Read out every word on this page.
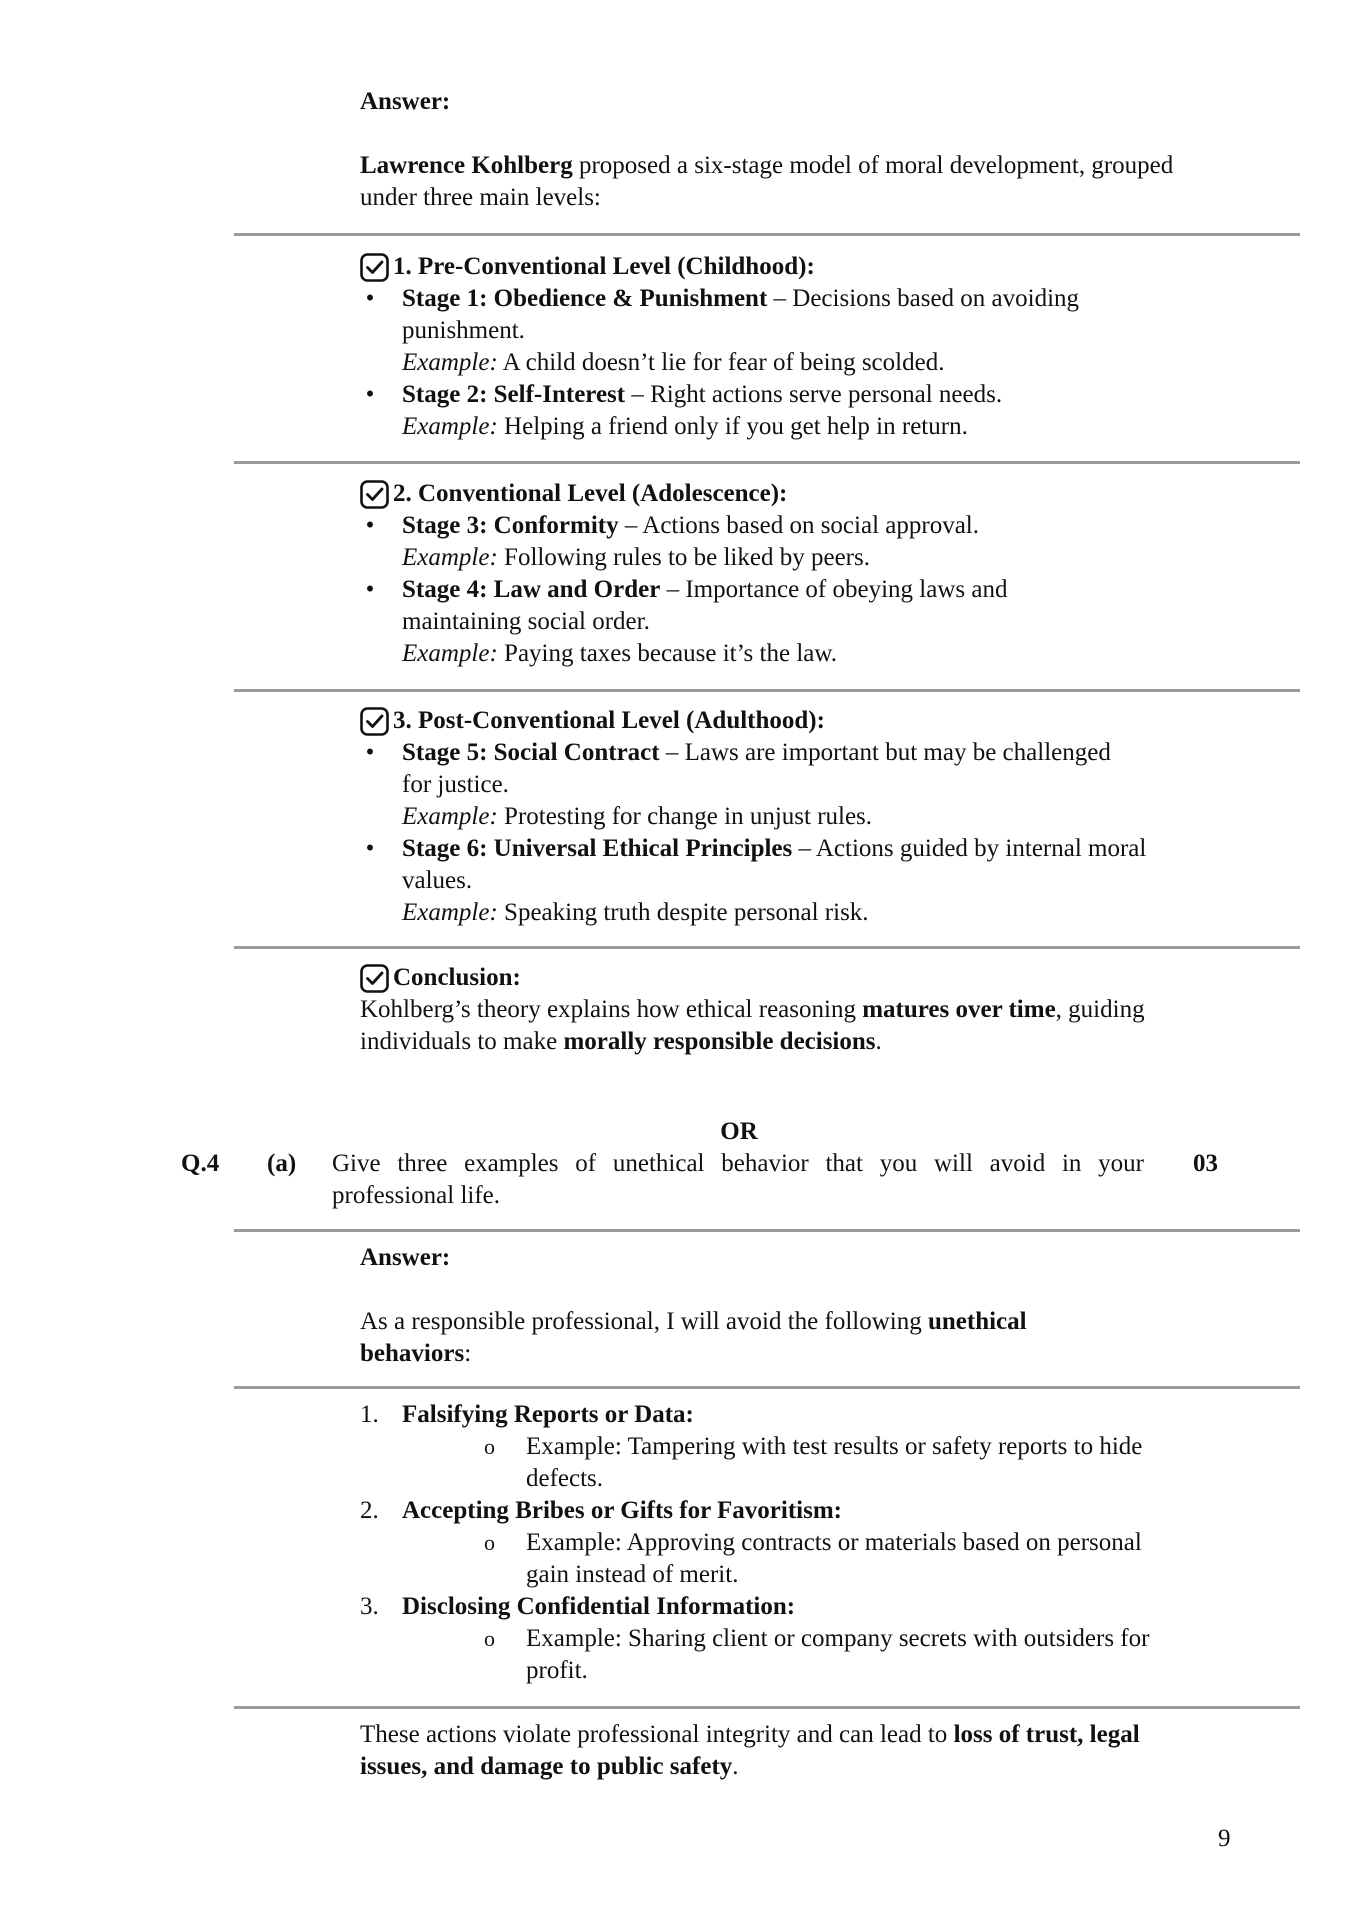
Answer:

Lawrence Kohlberg proposed a six-stage model of moral development, grouped under three main levels:

1. Pre-Conventional Level (Childhood):
• Stage 1: Obedience & Punishment – Decisions based on avoiding punishment.
Example: A child doesn’t lie for fear of being scolded.
• Stage 2: Self-Interest – Right actions serve personal needs.
Example: Helping a friend only if you get help in return.
2. Conventional Level (Adolescence):
• Stage 3: Conformity – Actions based on social approval.
Example: Following rules to be liked by peers.
• Stage 4: Law and Order – Importance of obeying laws and maintaining social order.
Example: Paying taxes because it’s the law.
3. Post-Conventional Level (Adulthood):
• Stage 5: Social Contract – Laws are important but may be challenged for justice.
Example: Protesting for change in unjust rules.
• Stage 6: Universal Ethical Principles – Actions guided by internal moral values.
Example: Speaking truth despite personal risk.
Conclusion:

Kohlberg’s theory explains how ethical reasoning matures over time, guiding individuals to make morally responsible decisions.

OR
Q.4 (a) Give three examples of unethical behavior that you will avoid in your professional life.
03

Answer:

As a responsible professional, I will avoid the following unethical behaviors:

1. Falsifying Reports or Data:
o Example: Tampering with test results or safety reports to hide defects.
2. Accepting Bribes or Gifts for Favoritism:
o Example: Approving contracts or materials based on personal gain instead of merit.
3. Disclosing Confidential Information:
o Example: Sharing client or company secrets with outsiders for profit.

These actions violate professional integrity and can lead to loss of trust, legal issues, and damage to public safety.

9
